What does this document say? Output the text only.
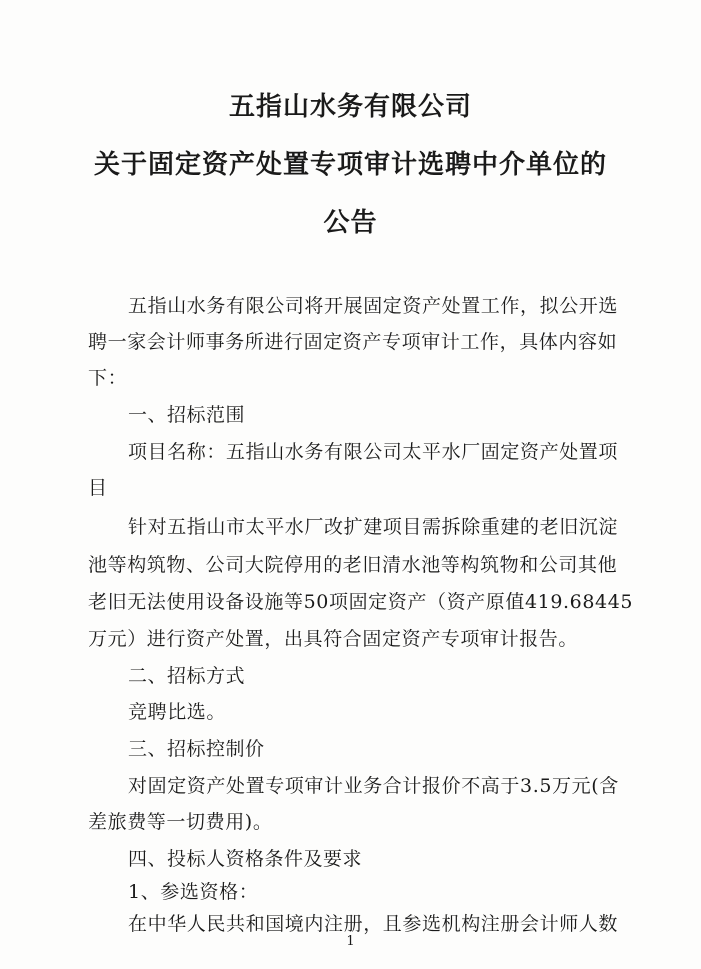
五指山水务有限公司
关于固定资产处置专项审计选聘中介单位的
公告
五指山水务有限公司将开展固定资产处置工作，拟公开选
聘一家会计师事务所进行固定资产专项审计工作，具体内容如
下：
一、招标范围
项目名称：五指山水务有限公司太平水厂固定资产处置项
目
针对五指山市太平水厂改扩建项目需拆除重建的老旧沉淀
池等构筑物、公司大院停用的老旧清水池等构筑物和公司其他
老旧无法使用设备设施等50项固定资产（资产原值419.68445
万元）进行资产处置，出具符合固定资产专项审计报告。
二、招标方式
竞聘比选。
三、招标控制价
对固定资产处置专项审计业务合计报价不高于3.5万元(含
差旅费等一切费用)。
四、投标人资格条件及要求
1、参选资格：
在中华人民共和国境内注册，且参选机构注册会计师人数
1
